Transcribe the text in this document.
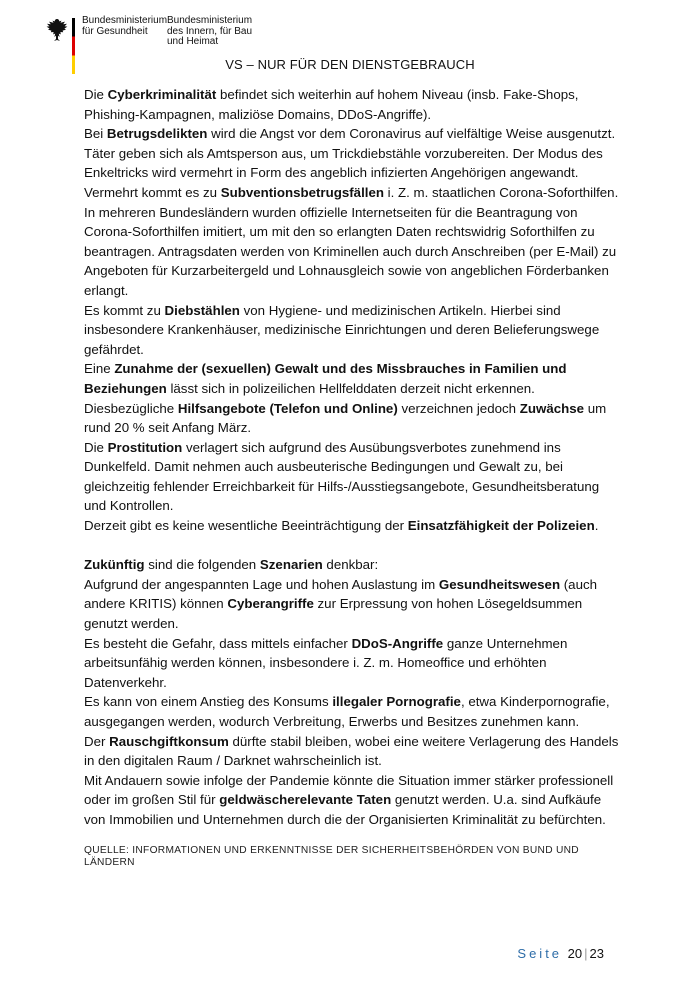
Bundesministerium
für Gesundheit
Bundesministerium
des Innern, für Bau
und Heimat
VS – NUR FÜR DEN DIENSTGEBRAUCH

Die Cyberkriminalität befindet sich weiterhin auf hohem Niveau (insb. Fake-Shops, Phishing-Kampagnen, maliziöse Domains, DDoS-Angriffe).

Bei Betrugsdelikten wird die Angst vor dem Coronavirus auf vielfältige Weise ausgenutzt. Täter geben sich als Amtsperson aus, um Trickdiebstähle vorzubereiten. Der Modus des Enkeltricks wird vermehrt in Form des angeblich infizierten Angehörigen angewandt.

Vermehrt kommt es zu Subventionsbetrugsfällen i. Z. m. staatlichen Corona-Soforthilfen. In mehreren Bundesländern wurden offizielle Internetseiten für die Beantragung von Corona-Soforthilfen imitiert, um mit den so erlangten Daten rechtswidrig Soforthilfen zu beantragen. Antragsdaten werden von Kriminellen auch durch Anschreiben (per E-Mail) zu Angeboten für Kurzarbeitergeld und Lohnausgleich sowie von angeblichen Förderbanken erlangt.

Es kommt zu Diebstählen von Hygiene- und medizinischen Artikeln. Hierbei sind insbesondere Krankenhäuser, medizinische Einrichtungen und deren Belieferungswege gefährdet.

Eine Zunahme der (sexuellen) Gewalt und des Missbrauches in Familien und Beziehungen lässt sich in polizeilichen Hellfelddaten derzeit nicht erkennen. Diesbezügliche Hilfsangebote (Telefon und Online) verzeichnen jedoch Zuwächse um rund 20 % seit Anfang März.

Die Prostitution verlagert sich aufgrund des Ausübungsverbotes zunehmend ins Dunkelfeld. Damit nehmen auch ausbeuterische Bedingungen und Gewalt zu, bei gleichzeitig fehlender Erreichbarkeit für Hilfs-/Ausstiegsangebote, Gesundheitsberatung und Kontrollen.

Derzeit gibt es keine wesentliche Beeinträchtigung der Einsatzfähigkeit der Polizeien.

Zukünftig sind die folgenden Szenarien denkbar:

Aufgrund der angespannten Lage und hohen Auslastung im Gesundheitswesen (auch andere KRITIS) können Cyberangriffe zur Erpressung von hohen Lösegeldsummen genutzt werden.

Es besteht die Gefahr, dass mittels einfacher DDoS-Angriffe ganze Unternehmen arbeitsunfähig werden können, insbesondere i. Z. m. Homeoffice und erhöhten Datenverkehr.

Es kann von einem Anstieg des Konsums illegaler Pornografie, etwa Kinderpornografie, ausgegangen werden, wodurch Verbreitung, Erwerbs und Besitzes zunehmen kann.

Der Rauschgiftkonsum dürfte stabil bleiben, wobei eine weitere Verlagerung des Handels in den digitalen Raum / Darknet wahrscheinlich ist.

Mit Andauern sowie infolge der Pandemie könnte die Situation immer stärker professionell oder im großen Stil für geldwäscherelevante Taten genutzt werden. U.a. sind Aufkäufe von Immobilien und Unternehmen durch die der Organisierten Kriminalität zu befürchten.

QUELLE: INFORMATIONEN UND ERKENNTNISSE DER SICHERHEITSBEHÖRDEN VON BUND UND LÄNDERN
Seite 20 | 23
